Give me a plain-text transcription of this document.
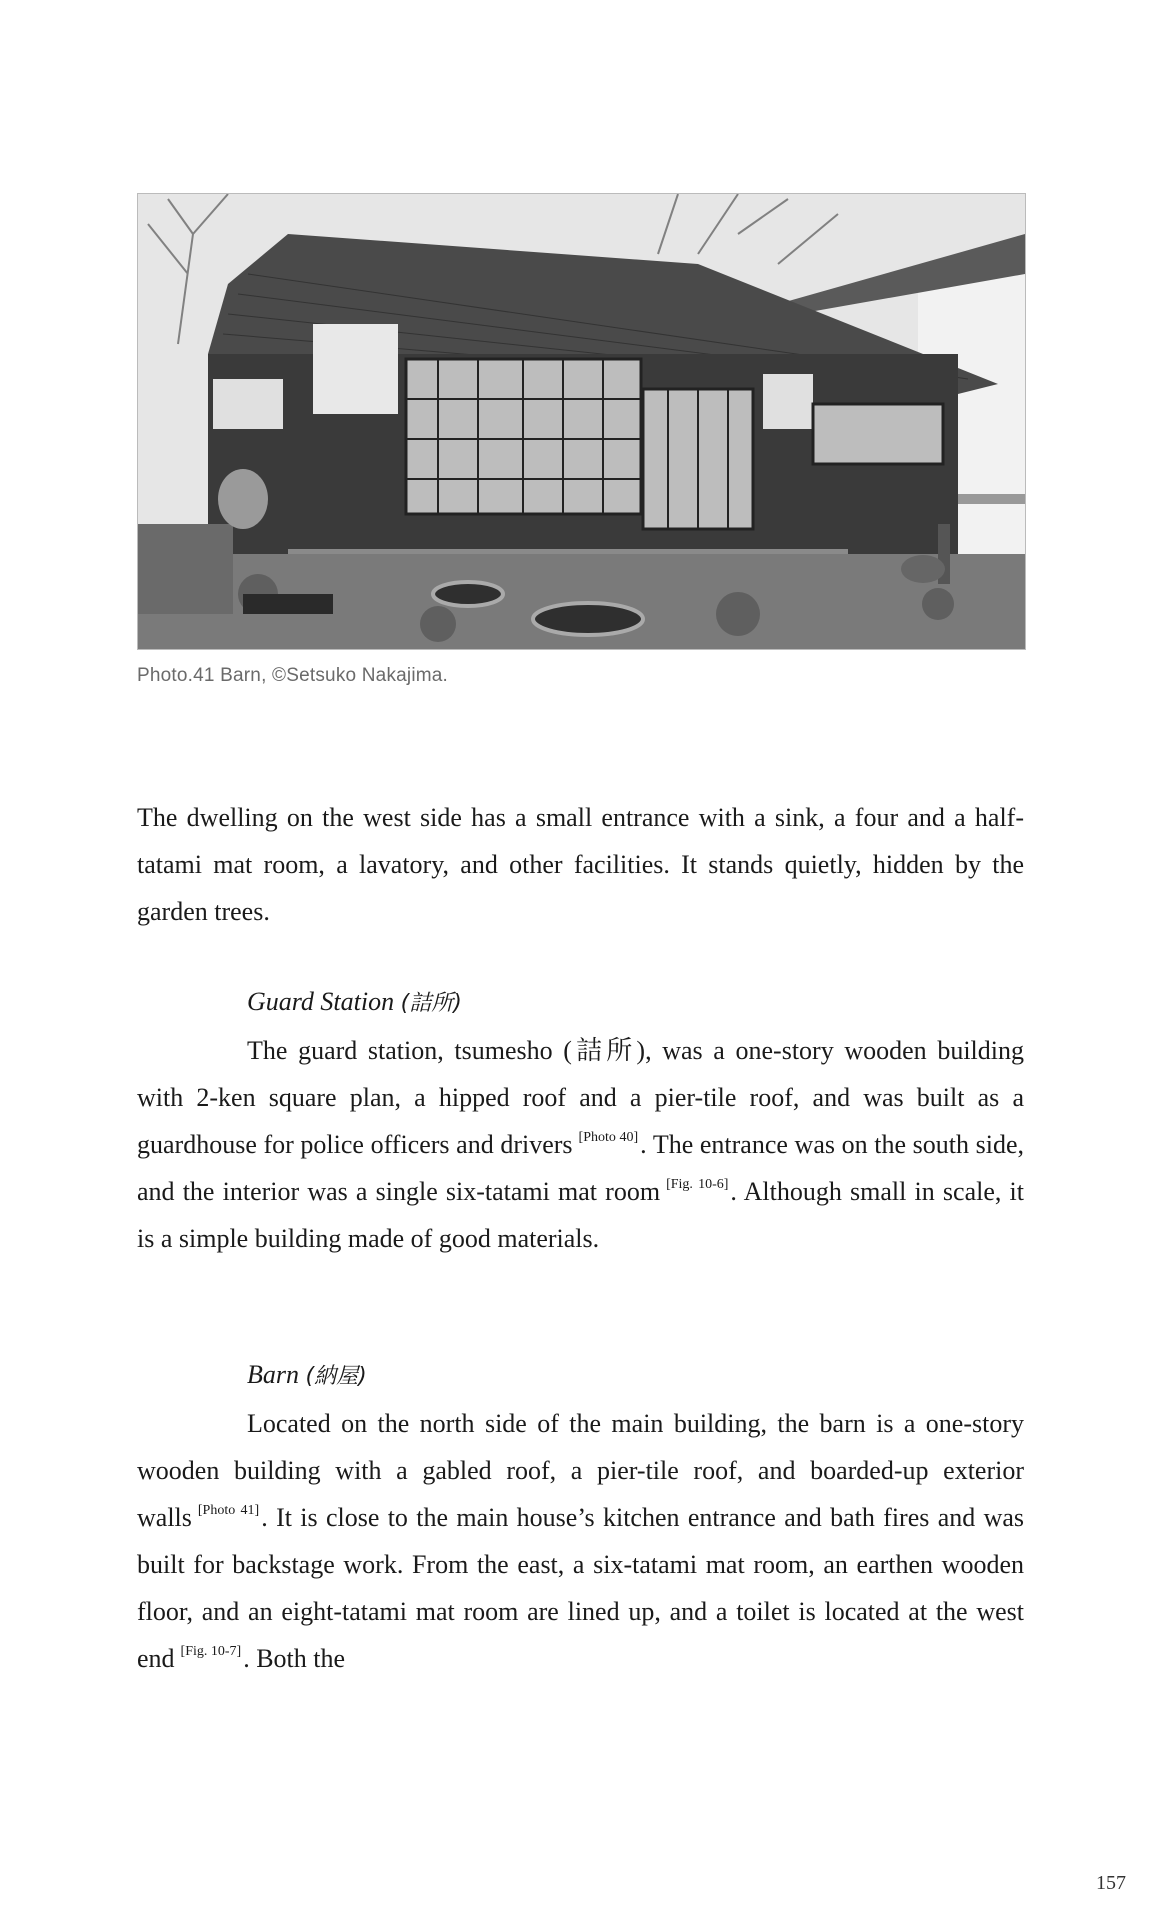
Photo.41 Barn, ©Setsuko Nakajima.

The dwelling on the west side has a small entrance with a sink, a four and a half-tatami mat room, a lavatory, and other facilities. It stands quietly, hidden by the garden trees.

Guard Station (詰所)

The guard station, tsumesho (詰所), was a one-story wooden building with 2-ken square plan, a hipped roof and a pier-tile roof, and was built as a guardhouse for police officers and drivers [Photo 40]. The entrance was on the south side, and the interior was a single six-tatami mat room [Fig. 10-6]. Although small in scale, it is a simple building made of good materials.

Barn (納屋)

Located on the north side of the main building, the barn is a one-story wooden building with a gabled roof, a pier-tile roof, and boarded-up exterior walls [Photo 41]. It is close to the main house’s kitchen entrance and bath fires and was built for backstage work. From the east, a six-tatami mat room, an earthen wooden floor, and an eight-tatami mat room are lined up, and a toilet is located at the west end [Fig. 10-7]. Both the

157
